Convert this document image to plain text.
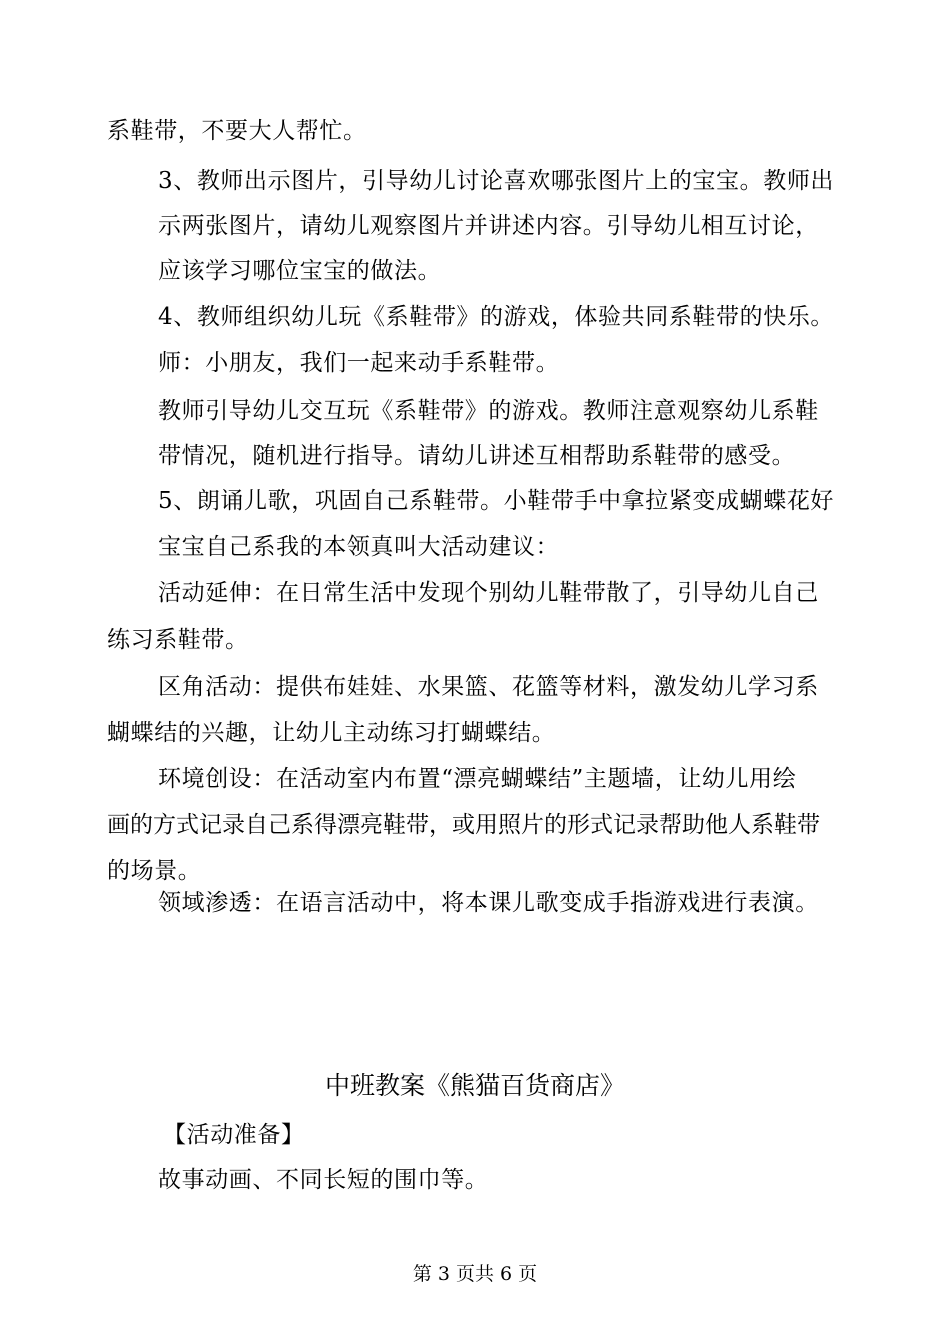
系鞋带，不要大人帮忙。
3、教师出示图片，引导幼儿讨论喜欢哪张图片上的宝宝。教师出
示两张图片，请幼儿观察图片并讲述内容。引导幼儿相互讨论，
应该学习哪位宝宝的做法。
4、教师组织幼儿玩《系鞋带》的游戏，体验共同系鞋带的快乐。
师：小朋友，我们一起来动手系鞋带。
教师引导幼儿交互玩《系鞋带》的游戏。教师注意观察幼儿系鞋
带情况，随机进行指导。请幼儿讲述互相帮助系鞋带的感受。
5、朗诵儿歌，巩固自己系鞋带。小鞋带手中拿拉紧变成蝴蝶花好
宝宝自己系我的本领真叫大活动建议：
活动延伸：在日常生活中发现个别幼儿鞋带散了，引导幼儿自己
练习系鞋带。
区角活动：提供布娃娃、水果篮、花篮等材料，激发幼儿学习系
蝴蝶结的兴趣，让幼儿主动练习打蝴蝶结。
环境创设：在活动室内布置“漂亮蝴蝶结”主题墙，让幼儿用绘
画的方式记录自己系得漂亮鞋带，或用照片的形式记录帮助他人系鞋带
的场景。
领域渗透：在语言活动中，将本课儿歌变成手指游戏进行表演。
中班教案《熊猫百货商店》
【活动准备】
故事动画、不同长短的围巾等。
第 3 页共 6 页
